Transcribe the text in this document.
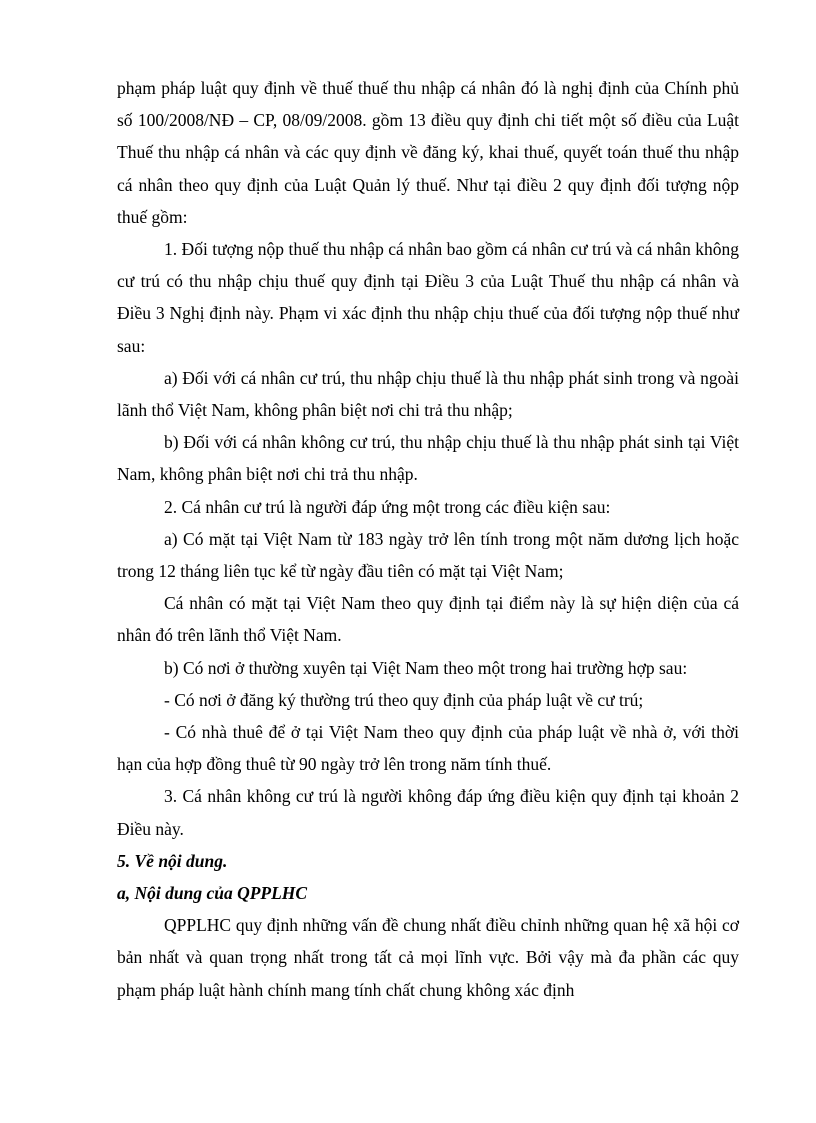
phạm pháp luật quy định về thuế thuế thu nhập cá nhân đó là nghị định của Chính phủ số 100/2008/NĐ – CP, 08/09/2008. gồm 13 điều quy định chi tiết một số điều của Luật Thuế thu nhập cá nhân và các quy định về đăng ký, khai thuế, quyết toán thuế thu nhập cá nhân theo quy định của Luật Quản lý thuế. Như tại điều 2 quy định đối tượng nộp thuế gồm:

1. Đối tượng nộp thuế thu nhập cá nhân bao gồm cá nhân cư trú và cá nhân không cư trú có thu nhập chịu thuế quy định tại Điều 3 của Luật Thuế thu nhập cá nhân và Điều 3 Nghị định này. Phạm vi xác định thu nhập chịu thuế của đối tượng nộp thuế như sau:

a) Đối với cá nhân cư trú, thu nhập chịu thuế là thu nhập phát sinh trong và ngoài lãnh thổ Việt Nam, không phân biệt nơi chi trả thu nhập;

b) Đối với cá nhân không cư trú, thu nhập chịu thuế là thu nhập phát sinh tại Việt Nam, không phân biệt nơi chi trả thu nhập.

2. Cá nhân cư trú là người đáp ứng một trong các điều kiện sau:

a) Có mặt tại Việt Nam từ 183 ngày trở lên tính trong một năm dương lịch hoặc trong 12 tháng liên tục kể từ ngày đầu tiên có mặt tại Việt Nam;

Cá nhân có mặt tại Việt Nam theo quy định tại điểm này là sự hiện diện của cá nhân đó trên lãnh thổ Việt Nam.

b) Có nơi ở thường xuyên tại Việt Nam theo một trong hai trường hợp sau:

- Có nơi ở đăng ký thường trú theo quy định của pháp luật về cư trú;

- Có nhà thuê để ở tại Việt Nam theo quy định của pháp luật về nhà ở, với thời hạn của hợp đồng thuê từ 90 ngày trở lên trong năm tính thuế.

3. Cá nhân không cư trú là người không đáp ứng điều kiện quy định tại khoản 2 Điều này.

5. Về nội dung.

a, Nội dung của QPPLHC

QPPLHC quy định những vấn đề chung nhất điều chỉnh những quan hệ xã hội cơ bản nhất và quan trọng nhất trong tất cả mọi lĩnh vực. Bởi vậy mà đa phần các quy phạm pháp luật hành chính mang tính chất chung không xác định
